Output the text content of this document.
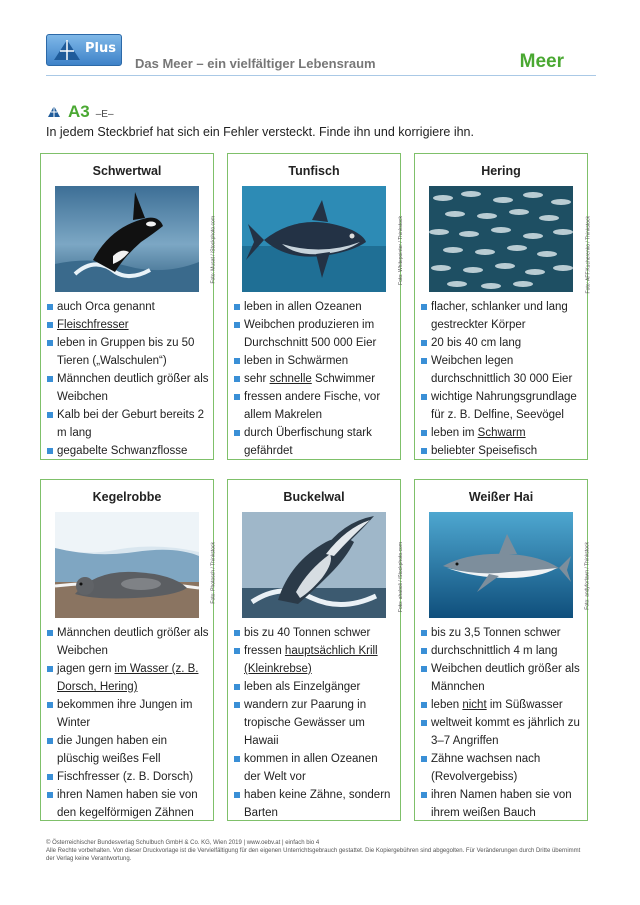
Plus
Das Meer – ein vielfältiger Lebensraum	Meer
A3 –E–
In jedem Steckbrief hat sich ein Fehler versteckt. Finde ihn und korrigiere ihn.
Schwertwal
Foto: Musat / iStockphoto.com
auch Orca genannt
Fleischfresser
leben in Gruppen bis zu 50 Tieren („Walschulen“)
Männchen deutlich größer als Weibchen
Kalb bei der Geburt bereits 2 m lang
gegabelte Schwanzflosse
Tunfisch
Foto: Whitepointer / Thinkstock
leben in allen Ozeanen
Weibchen produzieren im Durchschnitt 500 000 Eier
leben in Schwärmen
sehr schnelle Schwimmer
fressen andere Fische, vor allem Makrelen
durch Überfischung stark gefährdet
Hering
Foto: AFF.Kucherenko / Thinkstock
flacher, schlanker und lang gestreckter Körper
20 bis 40 cm lang
Weibchen legen durchschnittlich 30 000 Eier
wichtige Nahrungsgrundlage für z. B. Delfine, Seevögel
leben im Schwarm
beliebter Speisefisch
Kegelrobbe
Foto: Photosch / Thinkstock
Männchen deutlich größer als Weibchen
jagen gern im Wasser (z. B. Dorsch, Hering)
bekommen ihre Jungen im Winter
die Jungen haben ein plüschig weißes Fell
Fischfresser (z. B. Dorsch)
ihren Namen haben sie von den kegelförmigen Zähnen
Buckelwal
Foto: ahaboli / iStockphoto.com
bis zu 40 Tonnen schwer
fressen hauptsächlich Krill (Kleinkrebse)
leben als Einzelgänger
wandern zur Paarung in tropische Gewässer um Hawaii
kommen in allen Ozeanen der Welt vor
haben keine Zähne, sondern Barten
Weißer Hai
Foto: andyforlawn / Thinkstock
bis zu 3,5 Tonnen schwer
durchschnittlich 4 m lang
Weibchen deutlich größer als Männchen
leben nicht im Süßwasser
weltweit kommt es jährlich zu 3–7 Angriffen
Zähne wachsen nach (Revolvergebiss)
ihren Namen haben sie von ihrem weißen Bauch
© Österreichischer Bundesverlag Schulbuch GmbH & Co. KG, Wien 2019 | www.oebv.at | einfach bio 4
Alle Rechte vorbehalten. Von dieser Druckvorlage ist die Vervielfältigung für den eigenen Unterrichtsgebrauch gestattet. Die Kopiergebühren sind abgegolten. Für Veränderungen durch Dritte übernimmt der Verlag keine Verantwortung.
